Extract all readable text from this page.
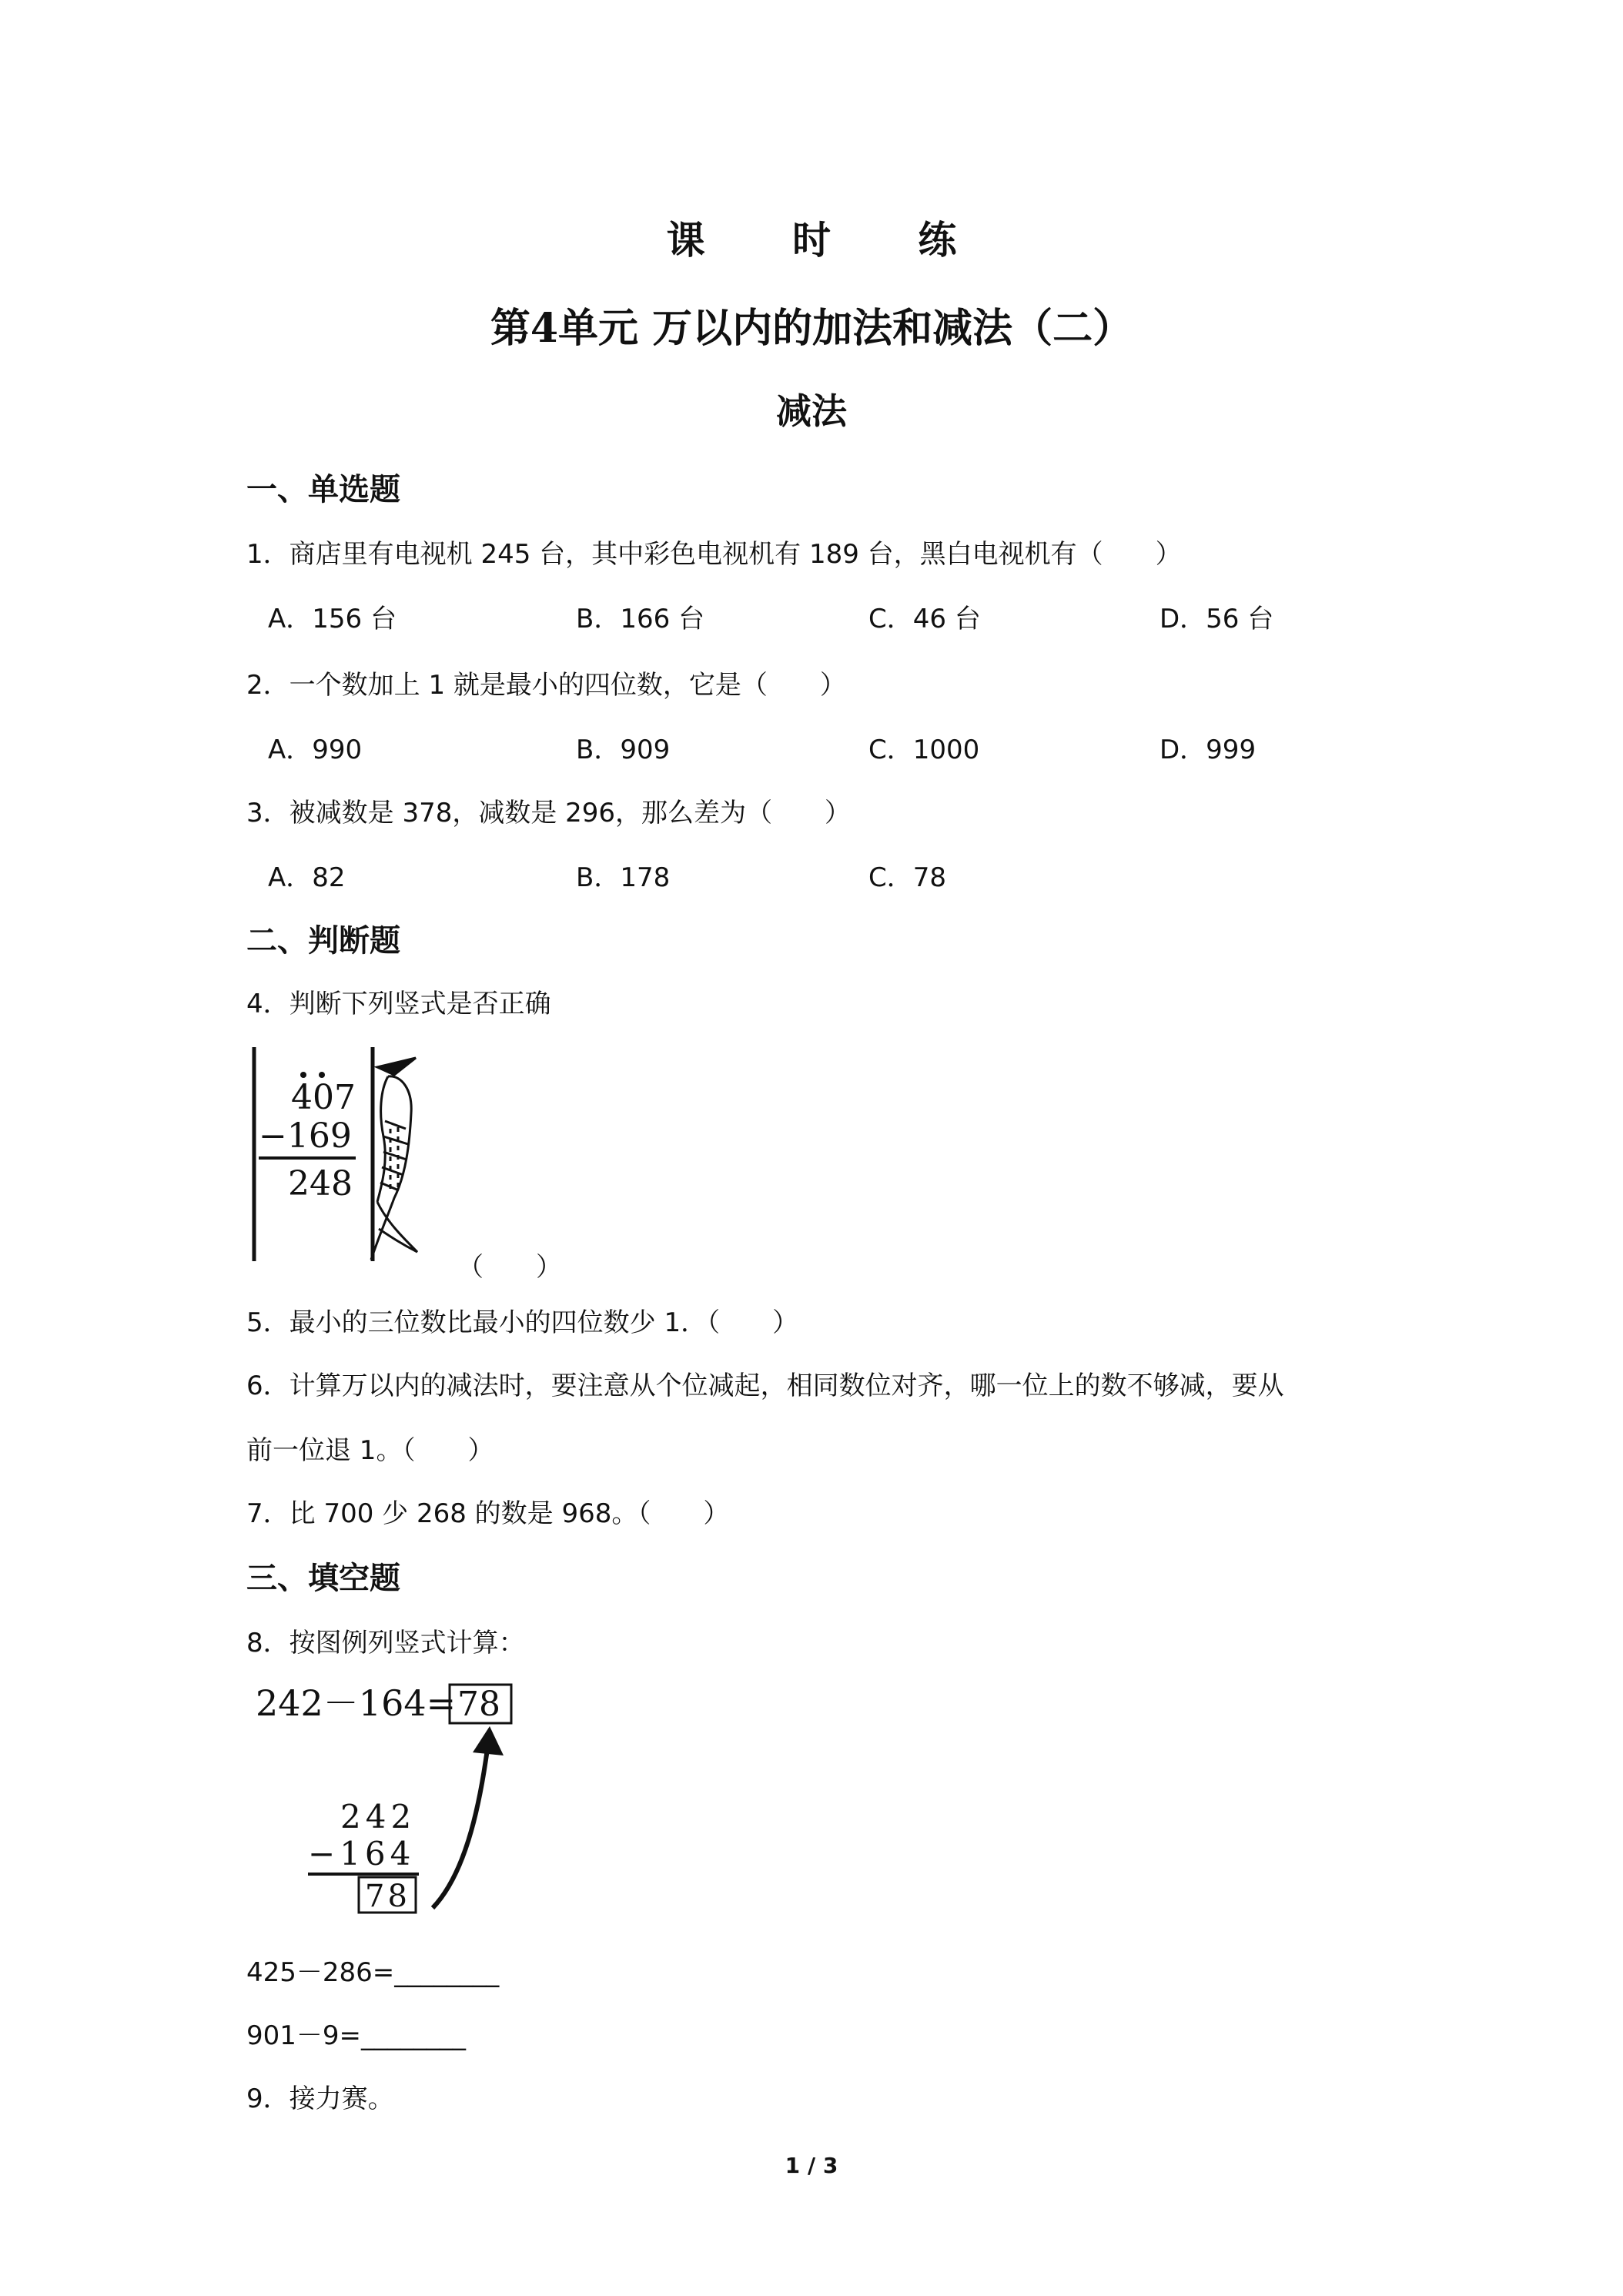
课 时 练
第4单元 万以内的加法和减法（二）
减法
一、单选题
1．商店里有电视机 245 台，其中彩色电视机有 189 台，黑白电视机有（　　）
A．156 台	B．166 台	C．46 台	D．56 台
2．一个数加上 1 就是最小的四位数，它是（　　）
A．990	B．909	C．1000	D．999
3．被减数是 378，减数是 296，那么差为（　　）
A．82	B．178	C．78
二、判断题
4．判断下列竖式是否正确
407
−169
248
（　　）
5．最小的三位数比最小的四位数少 1．（　　）
6．计算万以内的减法时，要注意从个位减起，相同数位对齐，哪一位上的数不够减，要从
前一位退 1。（　　）
7．比 700 少 268 的数是 968。（　　）
三、填空题
8．按图例列竖式计算：
242－164= 78
242
−164
78
425－286=________
901－9=________
9．接力赛。
1 / 3
